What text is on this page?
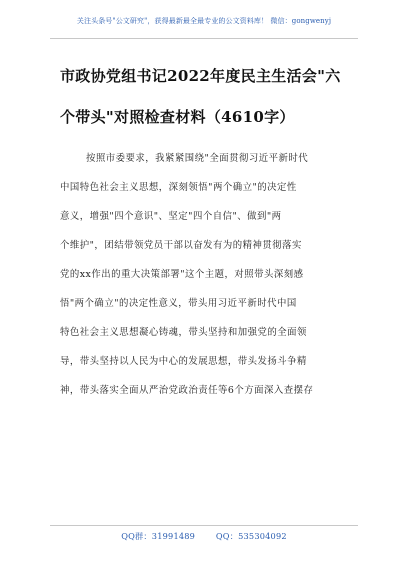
关注头条号"公文研究"，获得最新最全最专业的公文资料库！ 微信：gongwenyj
市政协党组书记2022年度民主生活会"六
个带头"对照检查材料（4610字）
按照市委要求，我紧紧围绕"全面贯彻习近平新时代
中国特色社会主义思想，深刻领悟"两个确立"的决定性
意义，增强"四个意识"、坚定"四个自信"、做到"两
个维护"，团结带领党员干部以奋发有为的精神贯彻落实
党的xx作出的重大决策部署"这个主题，对照带头深刻感
悟"两个确立"的决定性意义，带头用习近平新时代中国
特色社会主义思想凝心铸魂，带头坚持和加强党的全面领
导，带头坚持以人民为中心的发展思想，带头发扬斗争精
神，带头落实全面从严治党政治责任等6个方面深入查摆存
QQ群：31991489	QQ：535304092
